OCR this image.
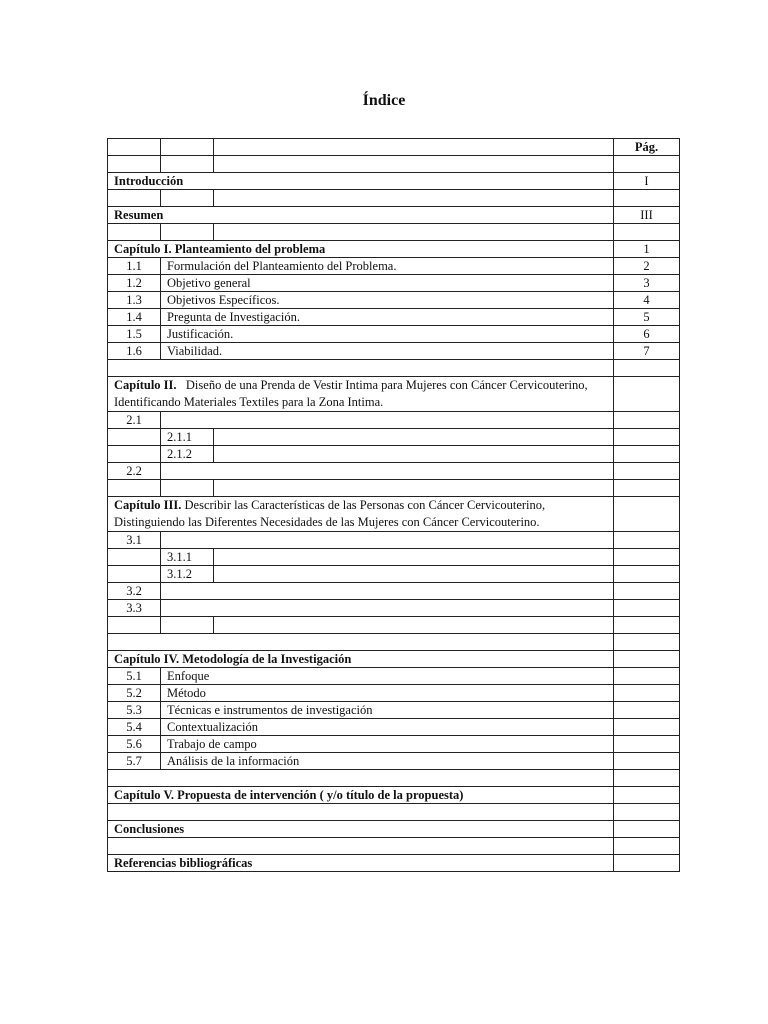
Índice
			Pág.

Introducción			I

Resumen			III

Capítulo I. Planteamiento del problema			1
1.1	Formulación del Planteamiento del Problema.		2
1.2	Objetivo general		3
1.3	Objetivos Específicos.		4
1.4	Pregunta de Investigación.		5
1.5	Justificación.		6
1.6	Viabilidad.		7

Capítulo II. Diseño de una Prenda de Vestir Intima para Mujeres con Cáncer Cervicouterino, Identificando Materiales Textiles para la Zona Intima.			
2.1			
	2.1.1		
	2.1.2		
2.2			

Capítulo III. Describir las Características de las Personas con Cáncer Cervicouterino, Distinguiendo las Diferentes Necesidades de las Mujeres con Cáncer Cervicouterino.			
3.1			
	3.1.1		
	3.1.2		
3.2			
3.3			

Capítulo IV. Metodología de la Investigación			
5.1	Enfoque		
5.2	Método		
5.3	Técnicas e instrumentos de investigación		
5.4	Contextualización		
5.6	Trabajo de campo		
5.7	Análisis de la información		

Capítulo V. Propuesta de intervención ( y/o título de la propuesta)			

Conclusiones			

Referencias bibliográficas			
